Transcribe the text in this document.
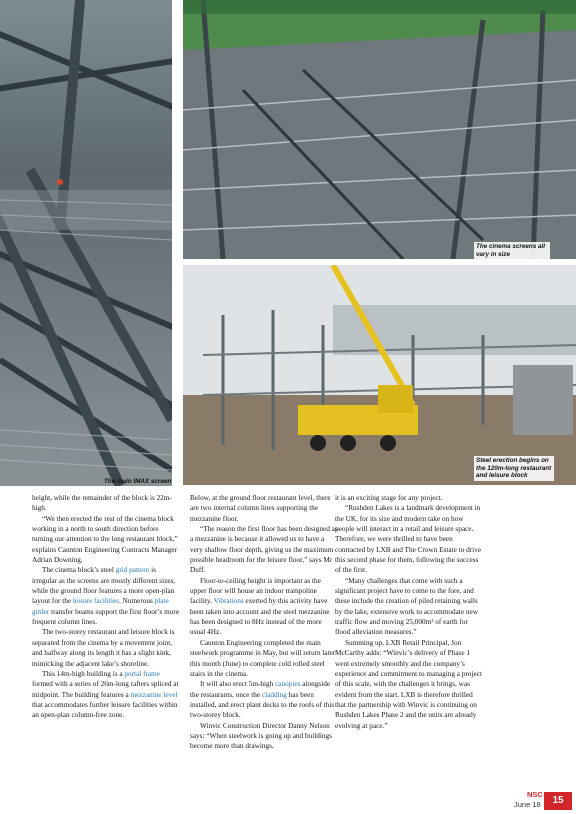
The main IMAX screen
The cinema screens all vary in size
Steel erection begins on the 120m-long restaurant and leisure block

height, while the remainder of the block is 22m-high.

“We then erected the rest of the cinema block working in a north to south direction before turning our attention to the long restaurant block,” explains Caunton Engineering Contracts Manager Adrian Downing.

The cinema block’s steel grid pattern is irregular as the screens are mostly different sizes, while the ground floor features a more open-plan layout for the leisure facilities. Numerous plate girder transfer beams support the first floor’s more frequent column lines.

The two-storey restaurant and leisure block is separated from the cinema by a movement joint, and halfway along its length it has a slight kink, mimicking the adjacent lake’s shoreline.

This 14m-high building is a portal frame formed with a series of 26m-long rafters spliced at midpoint. The building features a mezzanine level that accommodates further leisure facilities within an open-plan column-free zone.

Below, at the ground floor restaurant level, there are two internal column lines supporting the mezzanine floor.

“The reason the first floor has been designed as a mezzanine is because it allowed us to have a very shallow floor depth, giving us the maximum possible headroom for the leisure floor,” says Mr Duff.

Floor-to-ceiling height is important as the upper floor will house an indoor trampoline facility. Vibrations exerted by this activity have been taken into account and the steel mezzanine has been designed to 8Hz instead of the more usual 4Hz.

Caunton Engineering completed the main steelwork programme in May, but will return later this month (June) to complete cold rolled steel stairs in the cinema.

It will also erect 5m-high canopies alongside the restaurants, once the cladding has been installed, and erect plant decks to the roofs of this two-storey block.

Winvic Construction Director Danny Nelson says: “When steelwork is going up and buildings become more than drawings,

it is an exciting stage for any project.

“Rushden Lakes is a landmark development in the UK, for its size and modern take on how people will interact in a retail and leisure space. Therefore, we were thrilled to have been contracted by LXB and The Crown Estate to drive this second phase for them, following the success of the first.

“Many challenges that come with such a significant project have to come to the fore, and these include the creation of piled retaining walls by the lake, extensive work to accommodate new traffic flow and moving 25,000m³ of earth for flood alleviation measures.”

Summing up, LXB Retail Principal, Jon McCarthy adds: “Winvic’s delivery of Phase 1 went extremely smoothly and the company’s experience and commitment to managing a project of this scale, with the challenges it brings, was evident from the start. LXB is therefore thrilled that the partnership with Winvic is continuing on Rushden Lakes Phase 2 and the units are already evolving at pace.”

NSC
June 18	15
